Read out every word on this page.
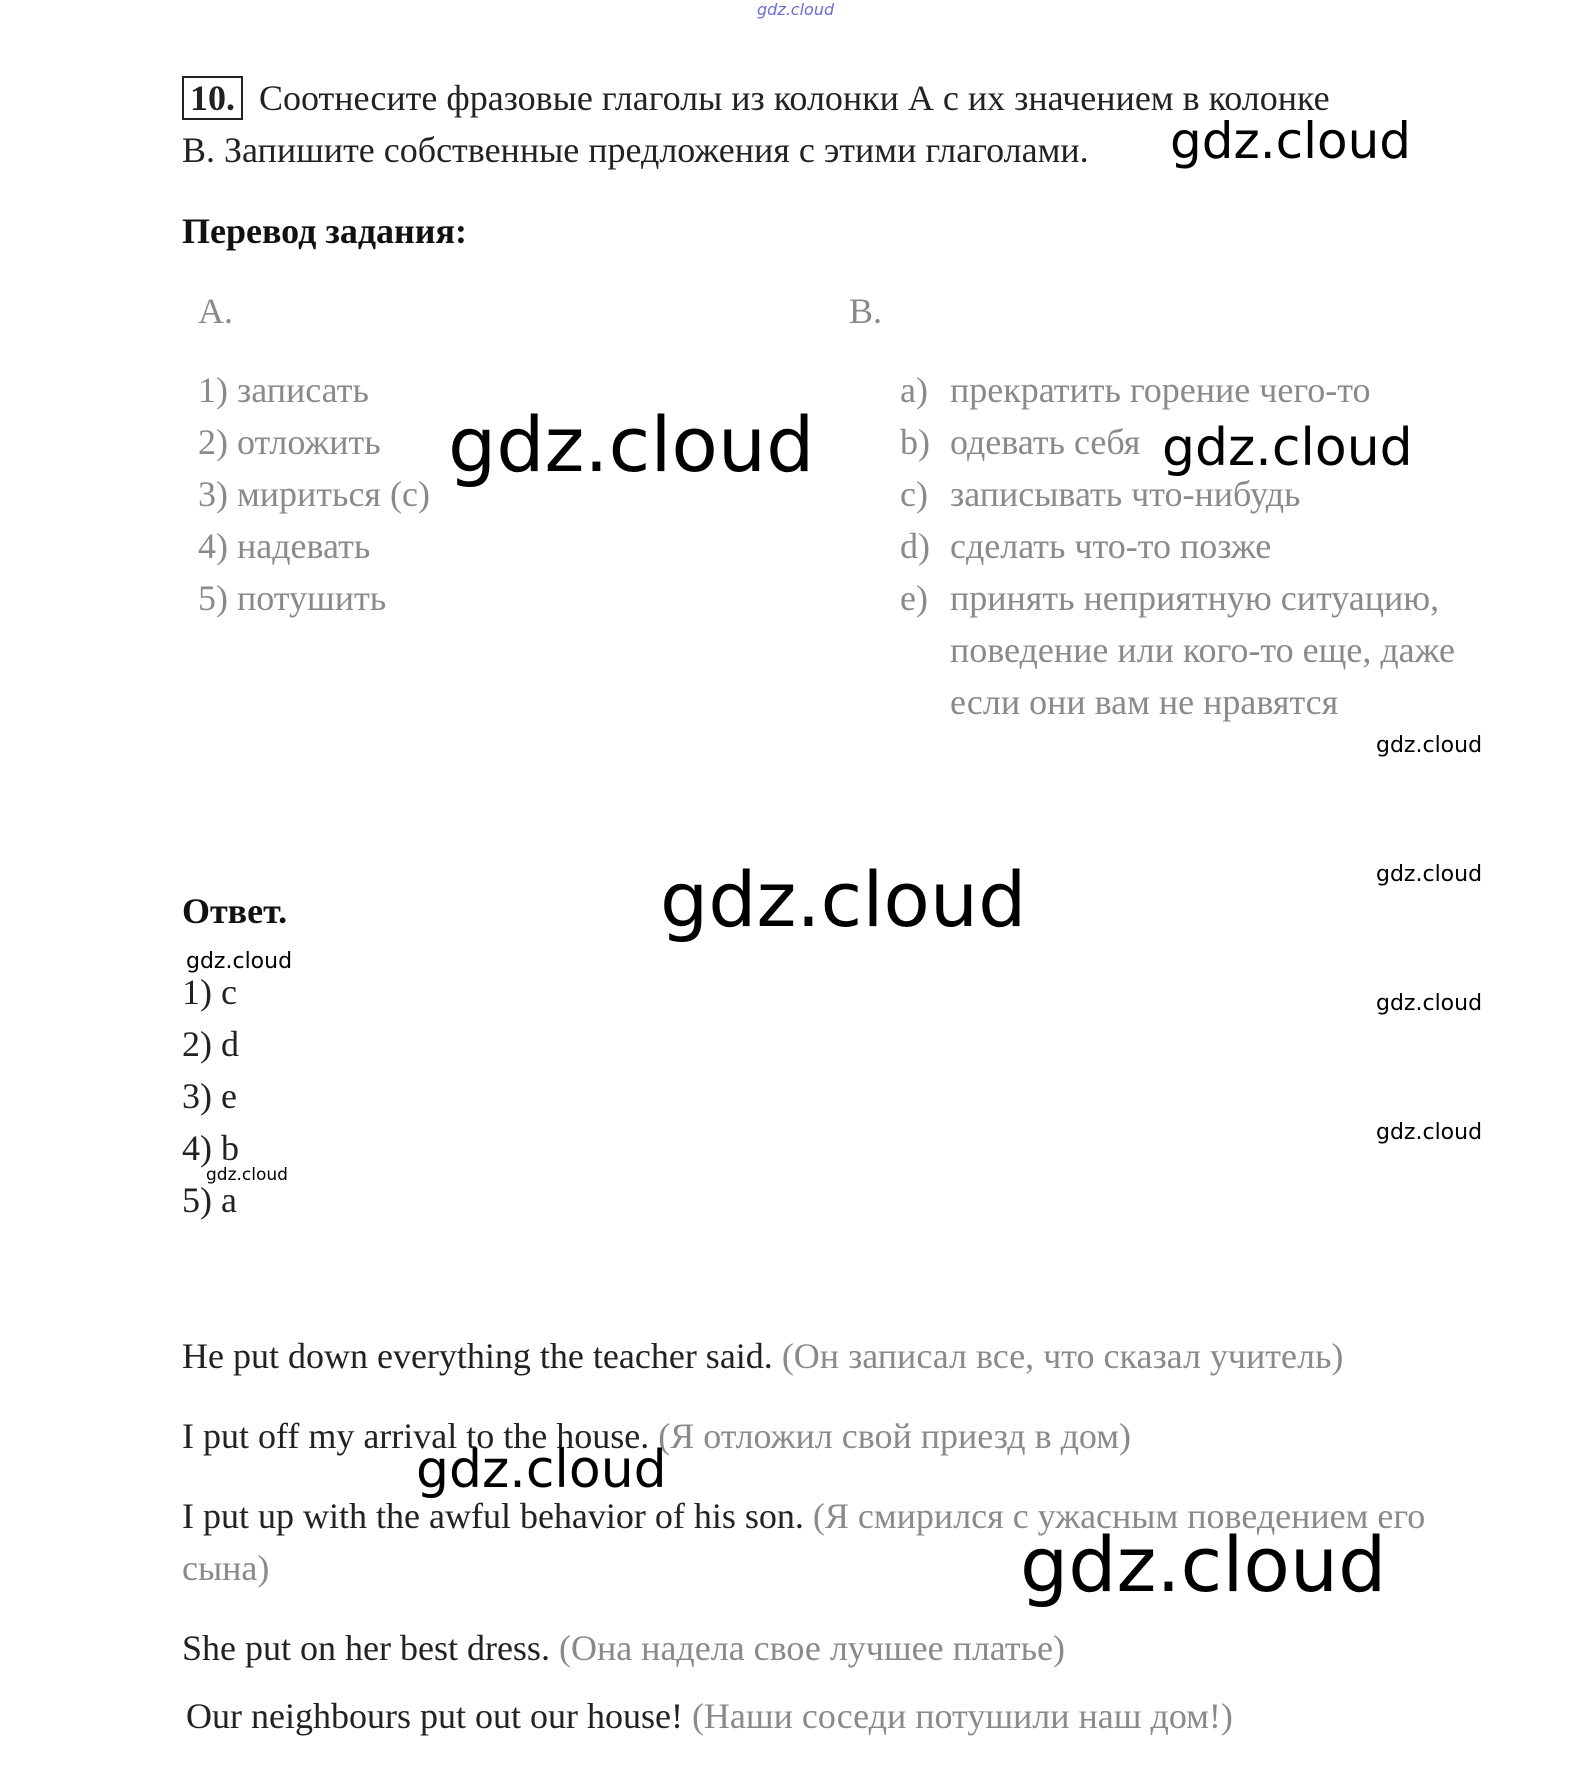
gdz.cloud
10. Соотнесите фразовые глаголы из колонки А с их значением в колонке
В. Запишите собственные предложения с этими глаголами. gdz.cloud
Перевод задания:
А.
1) записать
2) отложить
3) мириться (с)
4) надевать
5) потушить
gdz.cloud
В.
a) прекратить горение чего-то
b) одевать себя
c) записывать что-нибудь
d) сделать что-то позже
e) принять неприятную ситуацию, поведение или кого-то еще, даже если они вам не нравятся
gdz.cloud
gdz.cloud
gdz.cloud
gdz.cloud
gdz.cloud
Ответ.	gdz.cloud
gdz.cloud
1) c
2) d
3) e
4) b
5) a
gdz.cloud
He put down everything the teacher said. (Он записал все, что сказал учитель)
I put off my arrival to the house. (Я отложил свой приезд в дом)
gdz.cloud
I put up with the awful behavior of his son. (Я смирился с ужасным поведением его сына)	gdz.cloud
She put on her best dress. (Она надела свое лучшее платье)
Our neighbours put out our house! (Наши соседи потушили наш дом!)
